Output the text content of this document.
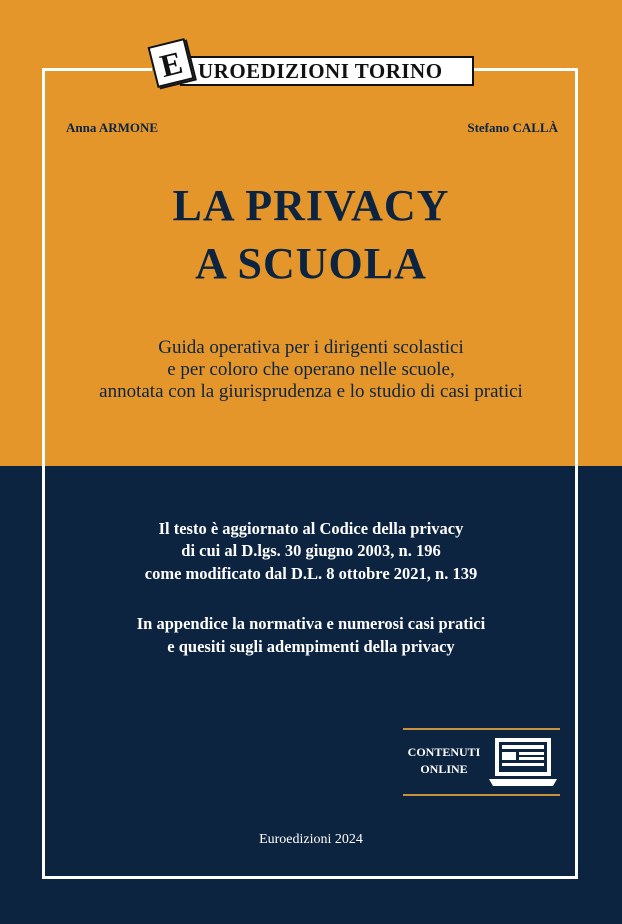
UROEDIZIONI TORINO
E
Anna ARMONE	Stefano CALLÀ
LA PRIVACY
A SCUOLA
Guida operativa per i dirigenti scolastici
e per coloro che operano nelle scuole,
annotata con la giurisprudenza e lo studio di casi pratici
Il testo è aggiornato al Codice della privacy
di cui al D.lgs. 30 giugno 2003, n. 196
come modificato dal D.L. 8 ottobre 2021, n. 139
In appendice la normativa e numerosi casi pratici
e quesiti sugli adempimenti della privacy
CONTENUTI
ONLINE
Euroedizioni 2024
